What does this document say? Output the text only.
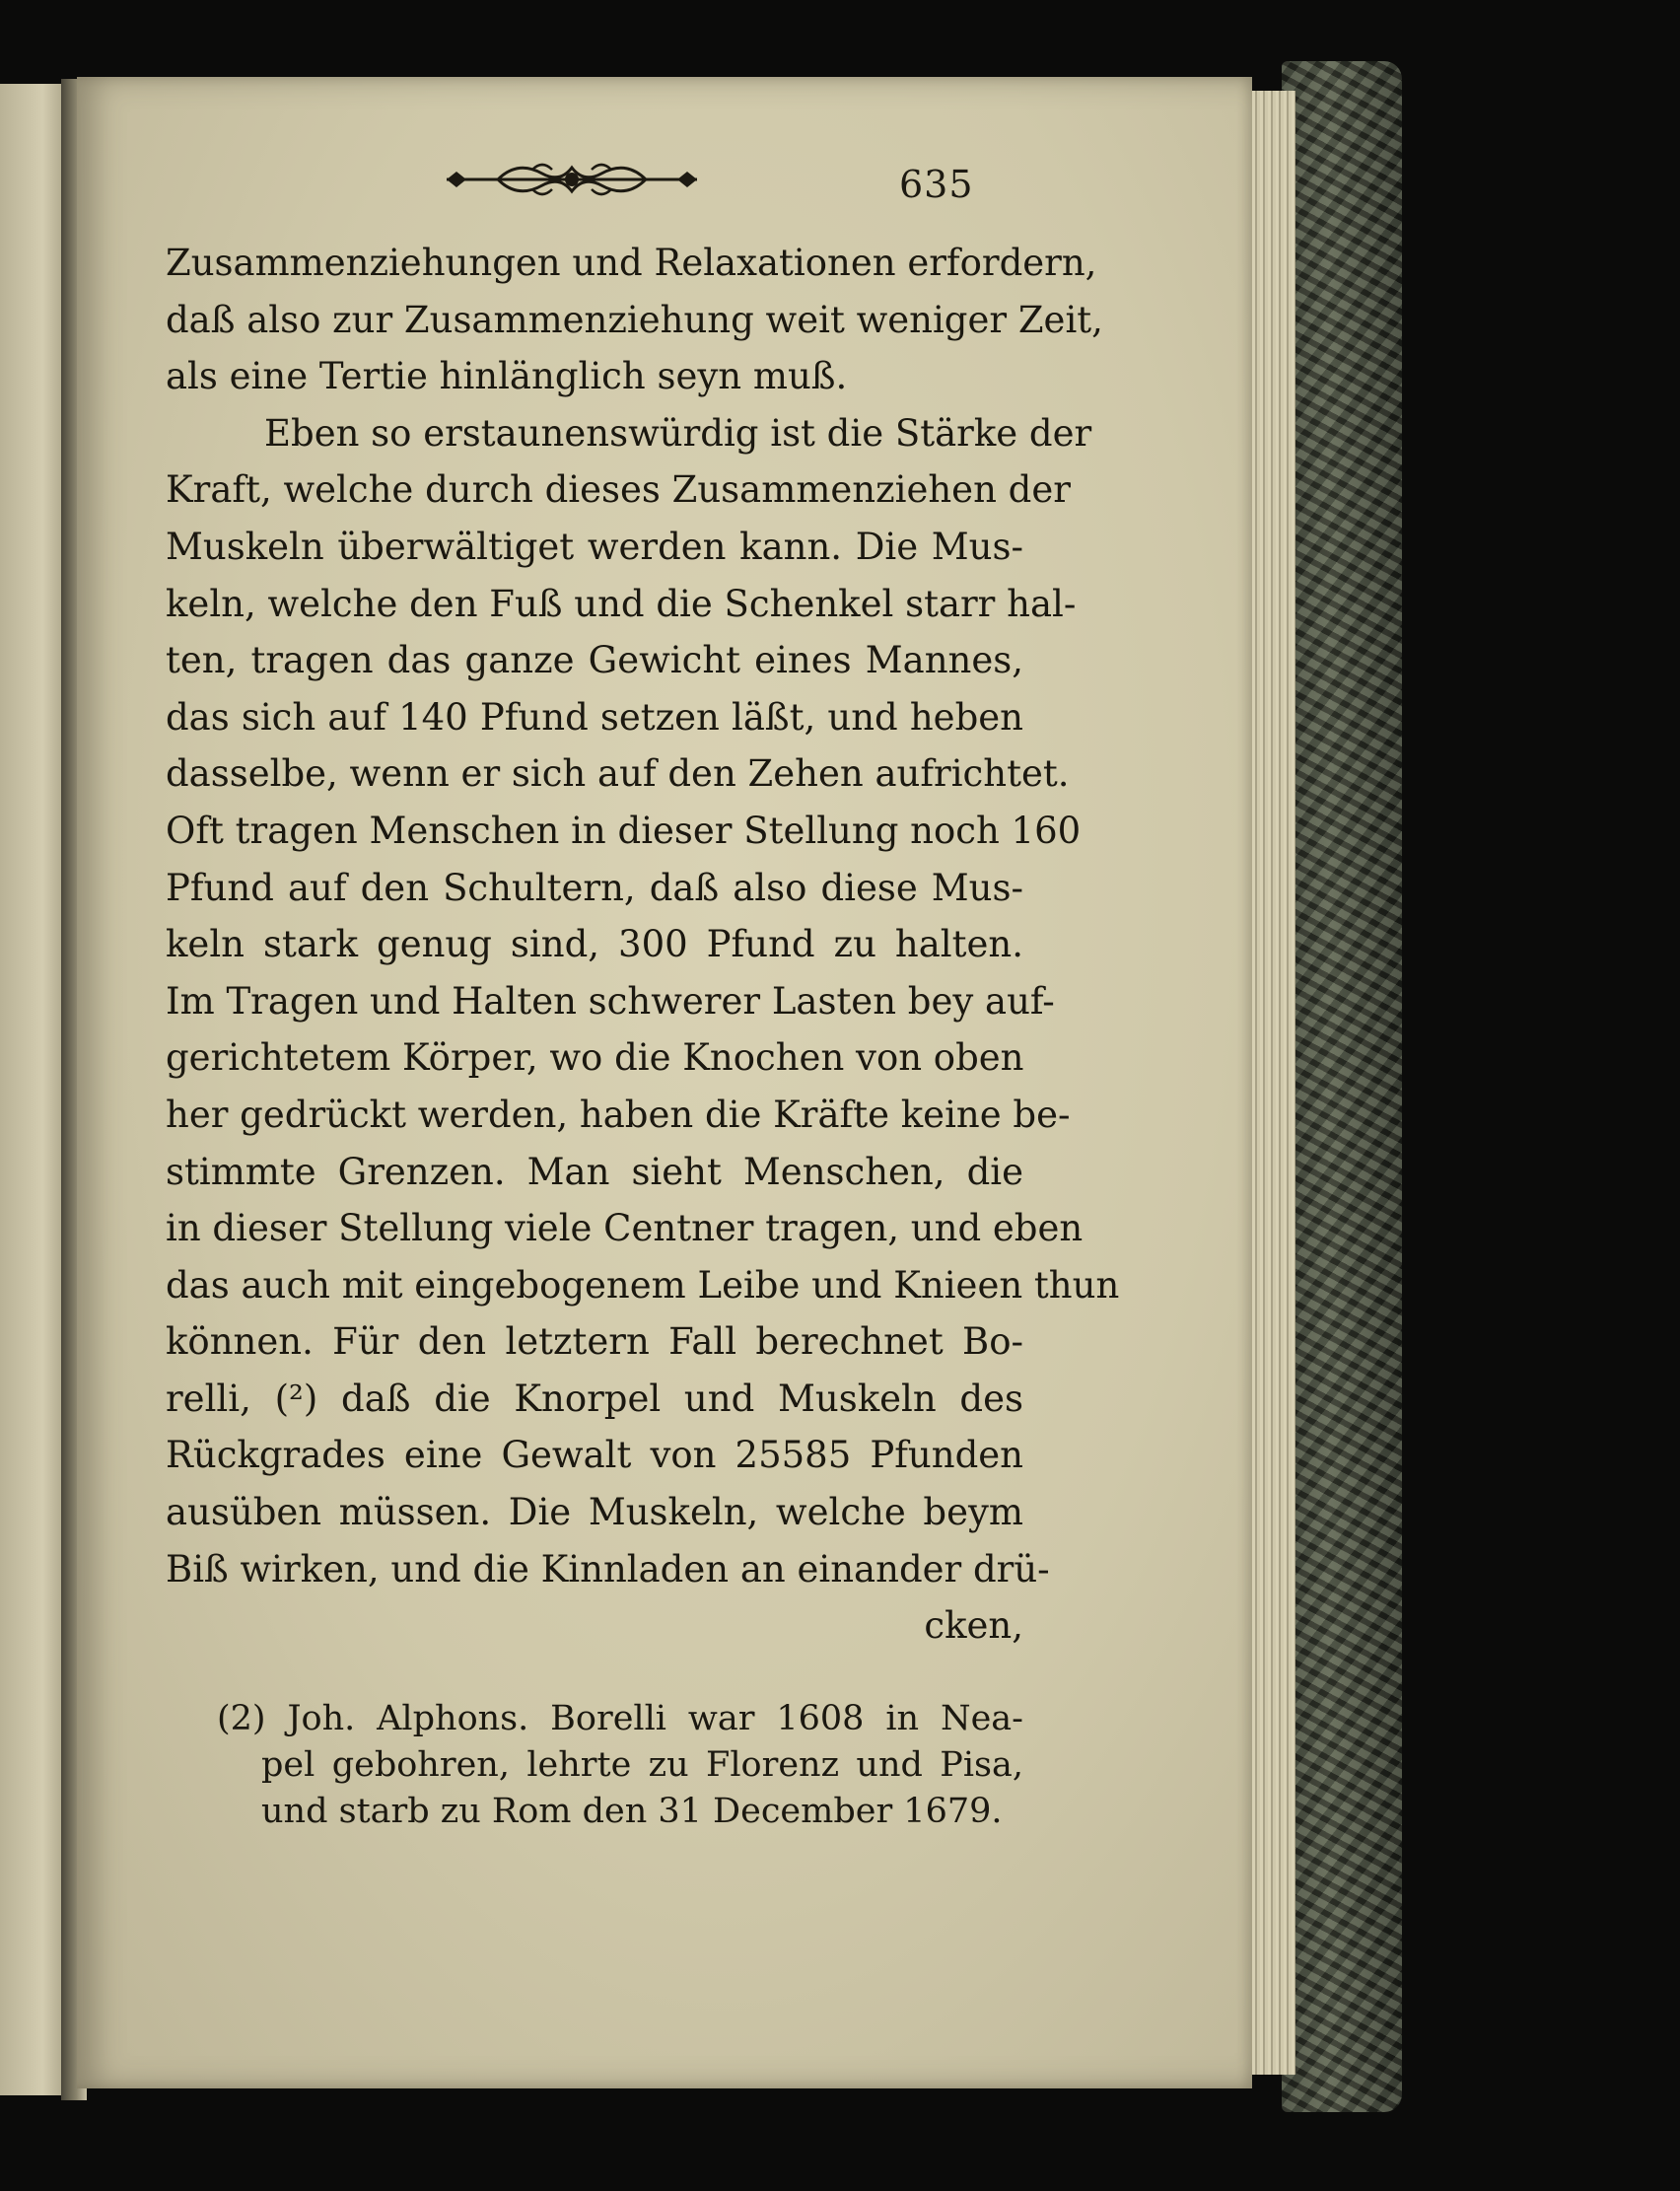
635
Zusammenziehungen und Relaxationen erfordern,
daß also zur Zusammenziehung weit weniger Zeit,
als eine Tertie hinlänglich seyn muß.
Eben so erstaunenswürdig ist die Stärke der
Kraft, welche durch dieses Zusammenziehen der
Muskeln überwältiget werden kann. Die Mus-
keln, welche den Fuß und die Schenkel starr hal-
ten, tragen das ganze Gewicht eines Mannes,
das sich auf 140 Pfund setzen läßt, und heben
dasselbe, wenn er sich auf den Zehen aufrichtet.
Oft tragen Menschen in dieser Stellung noch 160
Pfund auf den Schultern, daß also diese Mus-
keln stark genug sind, 300 Pfund zu halten.
Im Tragen und Halten schwerer Lasten bey auf-
gerichtetem Körper, wo die Knochen von oben
her gedrückt werden, haben die Kräfte keine be-
stimmte Grenzen. Man sieht Menschen, die
in dieser Stellung viele Centner tragen, und eben
das auch mit eingebogenem Leibe und Knieen thun
können. Für den letztern Fall berechnet Bo-
relli, (²) daß die Knorpel und Muskeln des
Rückgrades eine Gewalt von 25585 Pfunden
ausüben müssen. Die Muskeln, welche beym
Biß wirken, und die Kinnladen an einander drü-
cken,
(2) Joh. Alphons. Borelli war 1608 in Nea-
pel gebohren, lehrte zu Florenz und Pisa,
und starb zu Rom den 31 December 1679.
